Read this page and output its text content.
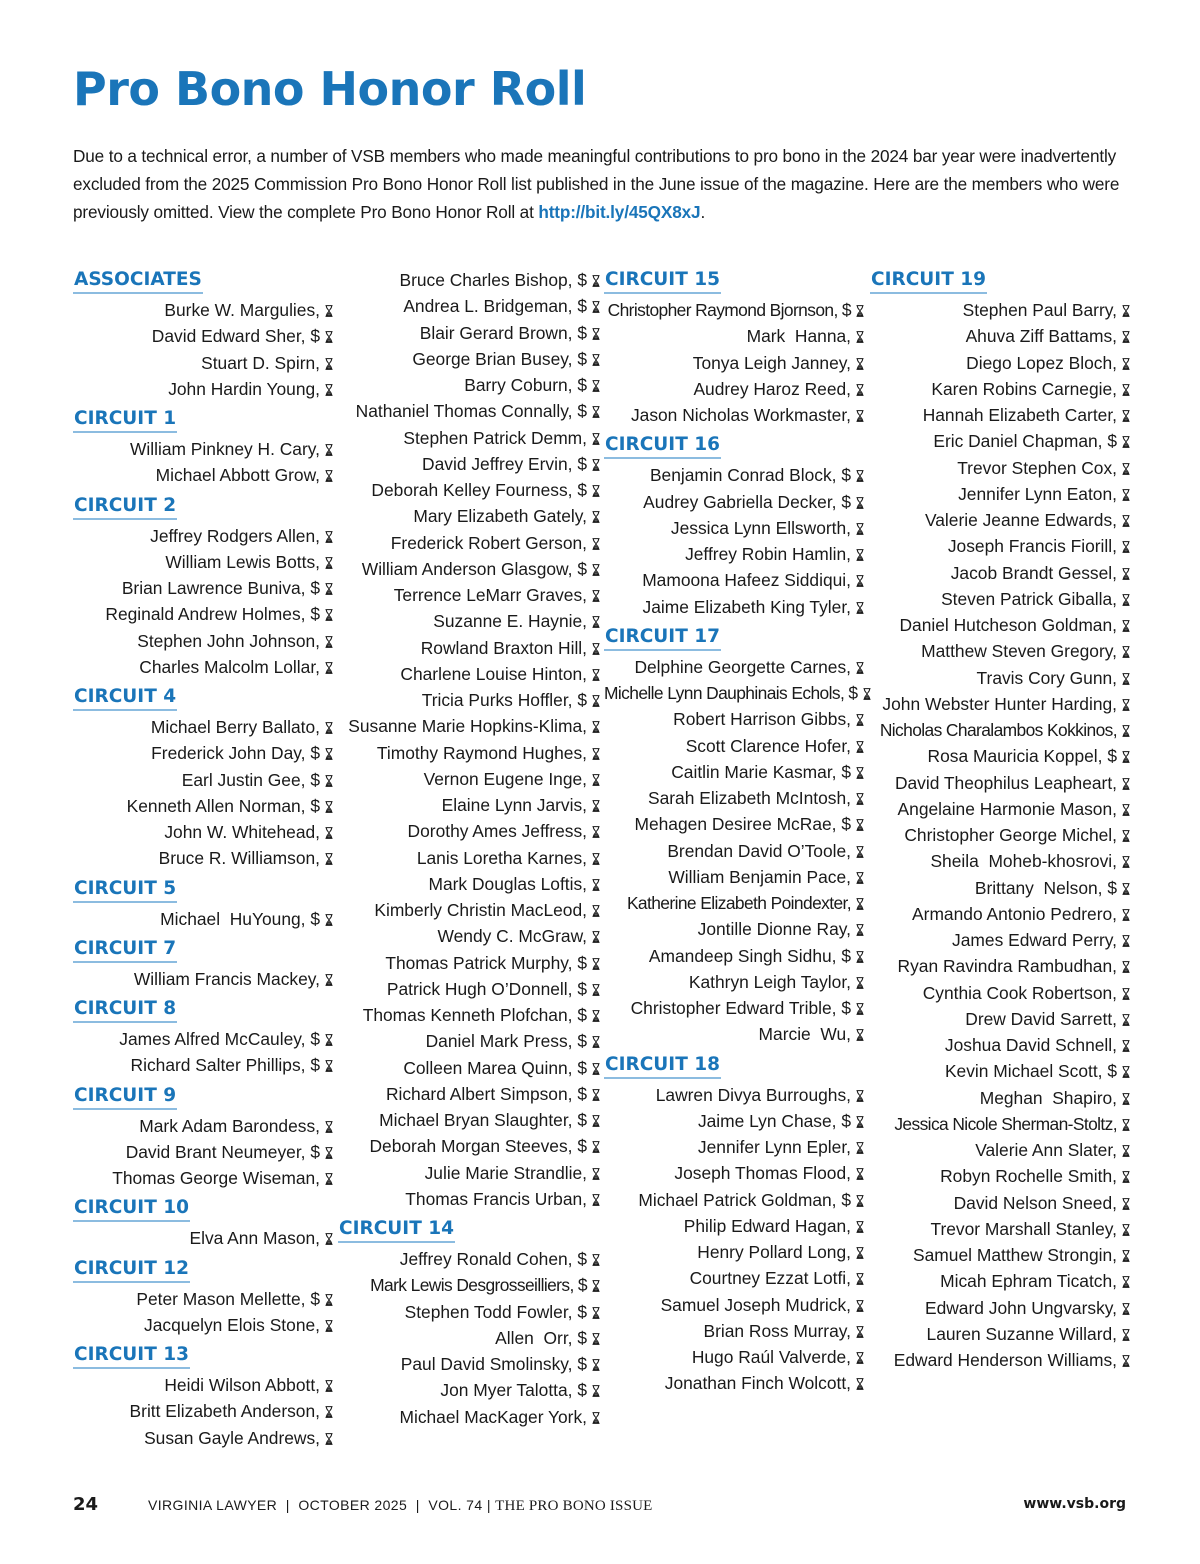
Pro Bono Honor Roll

Due to a technical error, a number of VSB members who made meaningful contributions to pro bono in the 2024 bar year were inadvertently excluded from the 2025 Commission Pro Bono Honor Roll list published in the June issue of the magazine. Here are the members who were previously omitted. View the complete Pro Bono Honor Roll at http://bit.ly/45QX8xJ.

ASSOCIATES
Burke W. Margulies,
David Edward Sher, $
Stuart D. Spirn,
John Hardin Young,
CIRCUIT 1
William Pinkney H. Cary,
Michael Abbott Grow,
CIRCUIT 2
Jeffrey Rodgers Allen,
William Lewis Botts,
Brian Lawrence Buniva, $
Reginald Andrew Holmes, $
Stephen John Johnson,
Charles Malcolm Lollar,
CIRCUIT 4
Michael Berry Ballato,
Frederick John Day, $
Earl Justin Gee, $
Kenneth Allen Norman, $
John W. Whitehead,
Bruce R. Williamson,
CIRCUIT 5
Michael  HuYoung, $
CIRCUIT 7
William Francis Mackey,
CIRCUIT 8
James Alfred McCauley, $
Richard Salter Phillips, $
CIRCUIT 9
Mark Adam Barondess,
David Brant Neumeyer, $
Thomas George Wiseman,
CIRCUIT 10
Elva Ann Mason,
CIRCUIT 12
Peter Mason Mellette, $
Jacquelyn Elois Stone,
CIRCUIT 13
Heidi Wilson Abbott,
Britt Elizabeth Anderson,
Susan Gayle Andrews,
Bruce Charles Bishop, $
Andrea L. Bridgeman, $
Blair Gerard Brown, $
George Brian Busey, $
Barry Coburn, $
Nathaniel Thomas Connally, $
Stephen Patrick Demm,
David Jeffrey Ervin, $
Deborah Kelley Fourness, $
Mary Elizabeth Gately,
Frederick Robert Gerson,
William Anderson Glasgow, $
Terrence LeMarr Graves,
Suzanne E. Haynie,
Rowland Braxton Hill,
Charlene Louise Hinton,
Tricia Purks Hoffler, $
Susanne Marie Hopkins-Klima,
Timothy Raymond Hughes,
Vernon Eugene Inge,
Elaine Lynn Jarvis,
Dorothy Ames Jeffress,
Lanis Loretha Karnes,
Mark Douglas Loftis,
Kimberly Christin MacLeod,
Wendy C. McGraw,
Thomas Patrick Murphy, $
Patrick Hugh O’Donnell, $
Thomas Kenneth Plofchan, $
Daniel Mark Press, $
Colleen Marea Quinn, $
Richard Albert Simpson, $
Michael Bryan Slaughter, $
Deborah Morgan Steeves, $
Julie Marie Strandlie,
Thomas Francis Urban,
CIRCUIT 14
Jeffrey Ronald Cohen, $
Mark Lewis Desgrosseilliers, $
Stephen Todd Fowler, $
Allen  Orr, $
Paul David Smolinsky, $
Jon Myer Talotta, $
Michael MacKager York,
CIRCUIT 15
Christopher Raymond Bjornson, $
Mark  Hanna,
Tonya Leigh Janney,
Audrey Haroz Reed,
Jason Nicholas Workmaster,
CIRCUIT 16
Benjamin Conrad Block, $
Audrey Gabriella Decker, $
Jessica Lynn Ellsworth,
Jeffrey Robin Hamlin,
Mamoona Hafeez Siddiqui,
Jaime Elizabeth King Tyler,
CIRCUIT 17
Delphine Georgette Carnes,
Michelle Lynn Dauphinais Echols, $
Robert Harrison Gibbs,
Scott Clarence Hofer,
Caitlin Marie Kasmar, $
Sarah Elizabeth McIntosh,
Mehagen Desiree McRae, $
Brendan David O’Toole,
William Benjamin Pace,
Katherine Elizabeth Poindexter,
Jontille Dionne Ray,
Amandeep Singh Sidhu, $
Kathryn Leigh Taylor,
Christopher Edward Trible, $
Marcie  Wu,
CIRCUIT 18
Lawren Divya Burroughs,
Jaime Lyn Chase, $
Jennifer Lynn Epler,
Joseph Thomas Flood,
Michael Patrick Goldman, $
Philip Edward Hagan,
Henry Pollard Long,
Courtney Ezzat Lotfi,
Samuel Joseph Mudrick,
Brian Ross Murray,
Hugo Raúl Valverde,
Jonathan Finch Wolcott,
CIRCUIT 19
Stephen Paul Barry,
Ahuva Ziff Battams,
Diego Lopez Bloch,
Karen Robins Carnegie,
Hannah Elizabeth Carter,
Eric Daniel Chapman, $
Trevor Stephen Cox,
Jennifer Lynn Eaton,
Valerie Jeanne Edwards,
Joseph Francis Fiorill,
Jacob Brandt Gessel,
Steven Patrick Giballa,
Daniel Hutcheson Goldman,
Matthew Steven Gregory,
Travis Cory Gunn,
John Webster Hunter Harding,
Nicholas Charalambos Kokkinos,
Rosa Mauricia Koppel, $
David Theophilus Leapheart,
Angelaine Harmonie Mason,
Christopher George Michel,
Sheila  Moheb-khosrovi,
Brittany  Nelson, $
Armando Antonio Pedrero,
James Edward Perry,
Ryan Ravindra Rambudhan,
Cynthia Cook Robertson,
Drew David Sarrett,
Joshua David Schnell,
Kevin Michael Scott, $
Meghan  Shapiro,
Jessica Nicole Sherman-Stoltz,
Valerie Ann Slater,
Robyn Rochelle Smith,
David Nelson Sneed,
Trevor Marshall Stanley,
Samuel Matthew Strongin,
Micah Ephram Ticatch,
Edward John Ungvarsky,
Lauren Suzanne Willard,
Edward Henderson Williams,
24	VIRGINIA LAWYER  |  OCTOBER 2025  |  VOL. 74 | THE PRO BONO ISSUE	www.vsb.org
